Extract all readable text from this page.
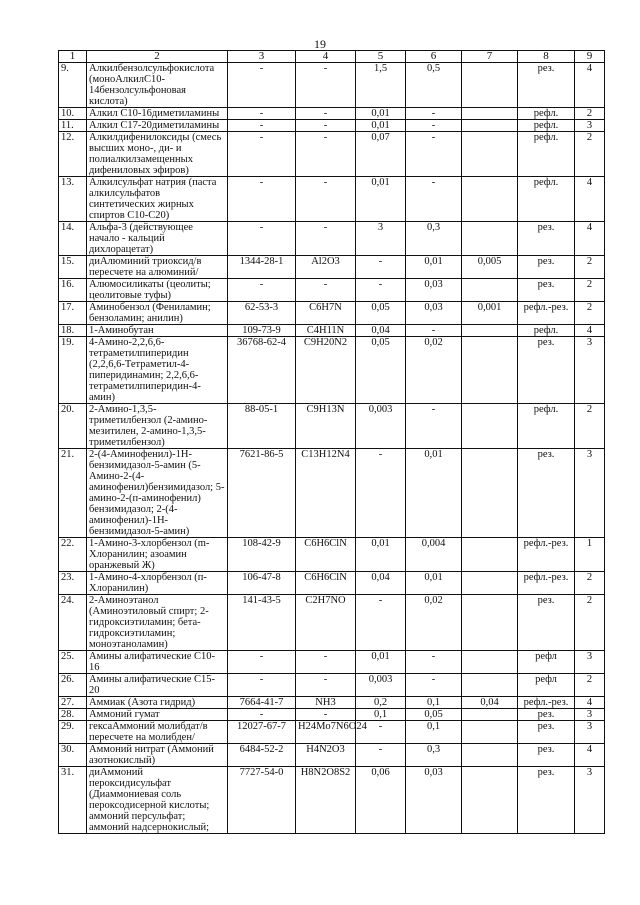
19
1	2	3	4	5	6	7	8	9
9.	Алкилбензолсульфокислота (моноАлкилС10-14бензолсульфоновая кислота)	-	-	1,5	0,5		рез.	4
10.	Алкил C10-16диметиламины	-	-	0,01	-		рефл.	2
11.	Алкил C17-20диметиламины	-	-	0,01	-		рефл.	3
12.	Алкилдифенилоксиды (смесь высших моно-, ди- и полиалкилзамещенных дифениловых эфиров)	-	-	0,07	-		рефл.	2
13.	Алкилсульфат натрия (паста алкилсульфатов синтетических жирных спиртов С10-С20)	-	-	0,01	-		рефл.	4
14.	Альфа-3 (действующее начало - кальций дихлорацетат)	-	-	3	0,3		рез.	4
15.	диАлюминий триоксид/в пересчете на алюминий/	1344-28-1	Al2O3	-	0,01	0,005	рез.	2
16.	Алюмосиликаты (цеолиты; цеолитовые туфы)	-	-	-	0,03		рез.	2
17.	Аминобензол (Фениламин; бензоламин; анилин)	62-53-3	C6H7N	0,05	0,03	0,001	рефл.-рез.	2
18.	1-Аминобутан	109-73-9	C4H11N	0,04	-		рефл.	4
19.	4-Амино-2,2,6,6-тетраметилпиперидин (2,2,6,6-Тетраметил-4-пиперидинамин; 2,2,6,6-тетраметилпиперидин-4-амин)	36768-62-4	C9H20N2	0,05	0,02		рез.	3
20.	2-Амино-1,3,5-триметилбензол (2-амино-мезитилен, 2-амино-1,3,5-триметилбензол)	88-05-1	C9H13N	0,003	-		рефл.	2
21.	2-(4-Аминофенил)-1Н-бензимидазол-5-амин (5-Амино-2-(4-аминофенил)бензимидазол; 5-амино-2-(п-аминофенил) бензимидазол; 2-(4-аминофенил)-1Н-бензимидазол-5-амин)	7621-86-5	C13H12N4	-	0,01		рез.	3
22.	1-Амино-3-хлорбензол (m-Хлоранилин; азоамин оранжевый Ж)	108-42-9	C6H6ClN	0,01	0,004		рефл.-рез.	1
23.	1-Амино-4-хлорбензол (п-Хлоранилин)	106-47-8	C6H6ClN	0,04	0,01		рефл.-рез.	2
24.	2-Аминоэтанол (Аминоэтиловый спирт; 2-гидроксиэтиламин; бета-гидроксиэтиламин; моноэтаноламин)	141-43-5	C2H7NO	-	0,02		рез.	2
25.	Амины алифатические C10-16	-	-	0,01	-		рефл	3
26.	Амины алифатические C15-20	-	-	0,003	-		рефл	2
27.	Аммиак (Азота гидрид)	7664-41-7	NH3	0,2	0,1	0,04	рефл.-рез.	4
28.	Аммоний гумат	-	-	0,1	0,05		рез.	3
29.	гексаАммоний молибдат/в пересчете на молибден/	12027-67-7	H24Mo7N6O24	-	0,1		рез.	3
30.	Аммоний нитрат (Аммоний азотнокислый)	6484-52-2	H4N2O3	-	0,3		рез.	4
31.	диАммоний пероксидисульфат (Диаммониевая соль пероксодисерной кислоты; аммоний персульфат; аммоний надсернокислый;	7727-54-0	H8N2O8S2	0,06	0,03		рез.	3
